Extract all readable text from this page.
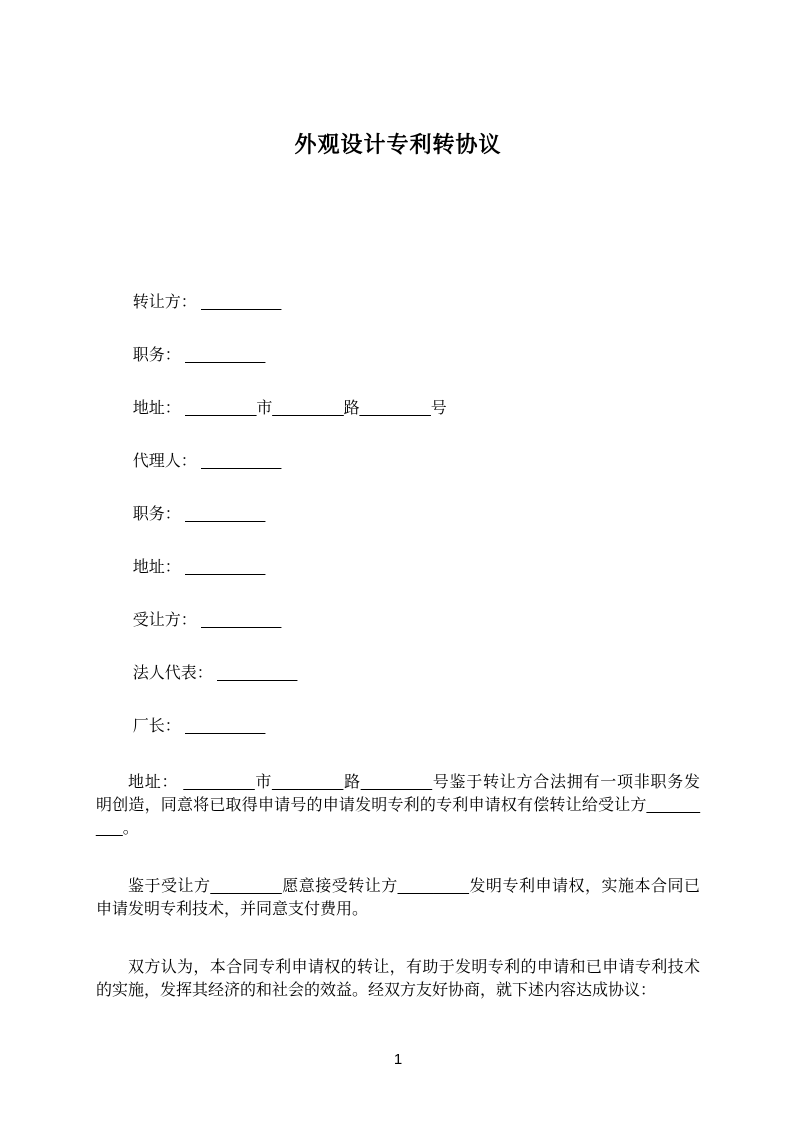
外观设计专利转协议
转让方： _________
职务： _________
地址： ________市________路________号
代理人： _________
职务： _________
地址： _________
受让方： _________
法人代表： _________
厂长： _________
地址： ________市________路________号鉴于转让方合法拥有一项非职务发
明创造，同意将已取得申请号的申请发明专利的专利申请权有偿转让给受让方______
___。
鉴于受让方________愿意接受转让方________发明专利申请权，实施本合同已
申请发明专利技术，并同意支付费用。
双方认为，本合同专利申请权的转让，有助于发明专利的申请和已申请专利技术
的实施，发挥其经济的和社会的效益。经双方友好协商，就下述内容达成协议：
1
